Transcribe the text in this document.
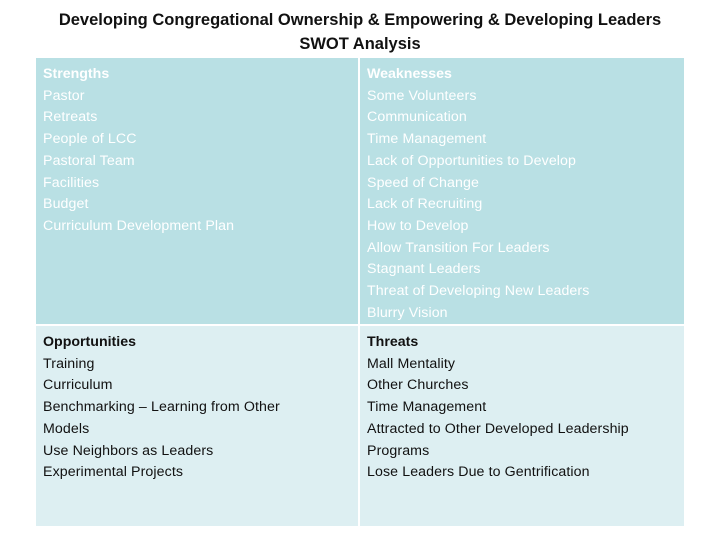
Developing Congregational Ownership & Empowering & Developing Leaders
SWOT Analysis
Strengths
Pastor
Retreats
People of LCC
Pastoral Team
Facilities
Budget
Curriculum Development Plan
Weaknesses
Some Volunteers
Communication
Time Management
Lack of Opportunities to Develop
Speed of Change
Lack of Recruiting
How to Develop
Allow Transition For Leaders
Stagnant Leaders
Threat of Developing New Leaders
Blurry Vision
Opportunities
Training
Curriculum
Benchmarking – Learning from Other
Models
Use Neighbors as Leaders
Experimental Projects
Threats
Mall Mentality
Other Churches
Time Management
Attracted to Other Developed Leadership
Programs
Lose Leaders Due to Gentrification
